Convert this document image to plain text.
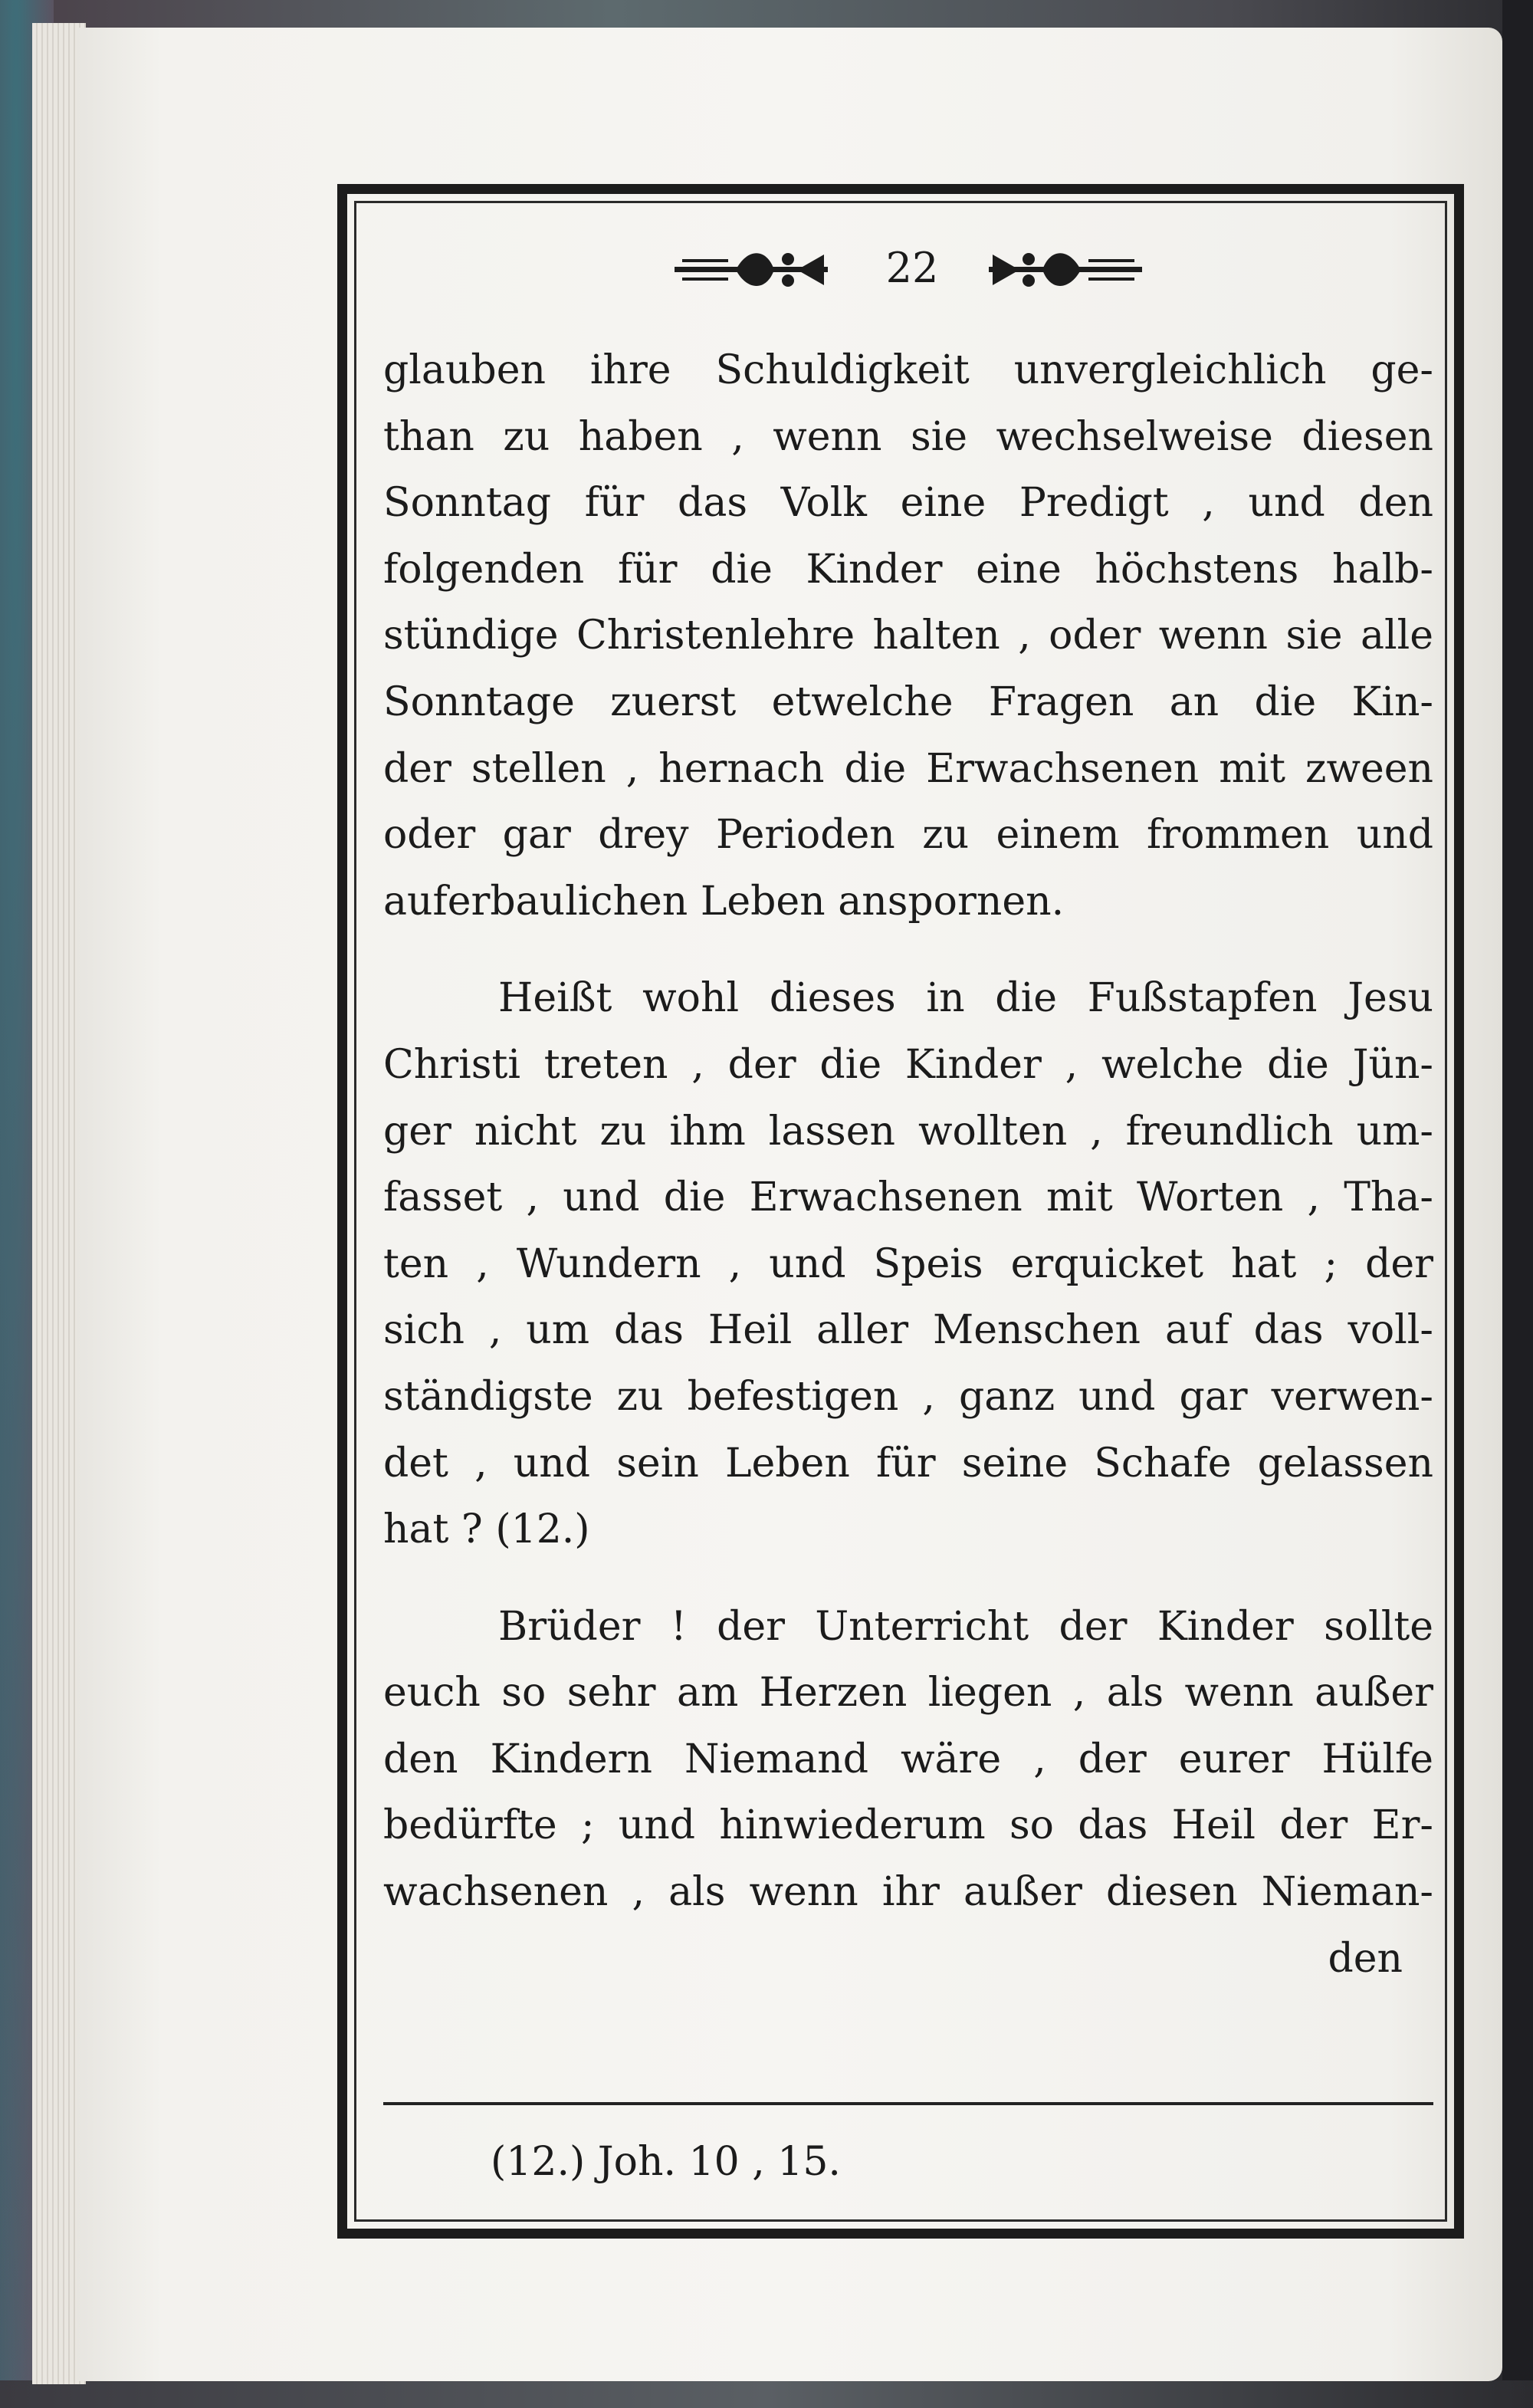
22
glauben ihre Schuldigkeit unvergleichlich ge-
than zu haben , wenn sie wechselweise diesen
Sonntag für das Volk eine Predigt , und den
folgenden für die Kinder eine höchstens halb-
stündige Christenlehre halten , oder wenn sie alle
Sonntage zuerst etwelche Fragen an die Kin-
der stellen , hernach die Erwachsenen mit zween
oder gar drey Perioden zu einem frommen und
auferbaulichen Leben anspornen.
Heißt wohl dieses in die Fußstapfen Jesu
Christi treten , der die Kinder , welche die Jün-
ger nicht zu ihm lassen wollten , freundlich um-
fasset , und die Erwachsenen mit Worten , Tha-
ten , Wundern , und Speis erquicket hat ; der
sich , um das Heil aller Menschen auf das voll-
ständigste zu befestigen , ganz und gar verwen-
det , und sein Leben für seine Schafe gelassen
hat ? (12.)
Brüder ! der Unterricht der Kinder sollte
euch so sehr am Herzen liegen , als wenn außer
den Kindern Niemand wäre , der eurer Hülfe
bedürfte ; und hinwiederum so das Heil der Er-
wachsenen , als wenn ihr außer diesen Nieman-
den
(12.) Joh. 10 , 15.
